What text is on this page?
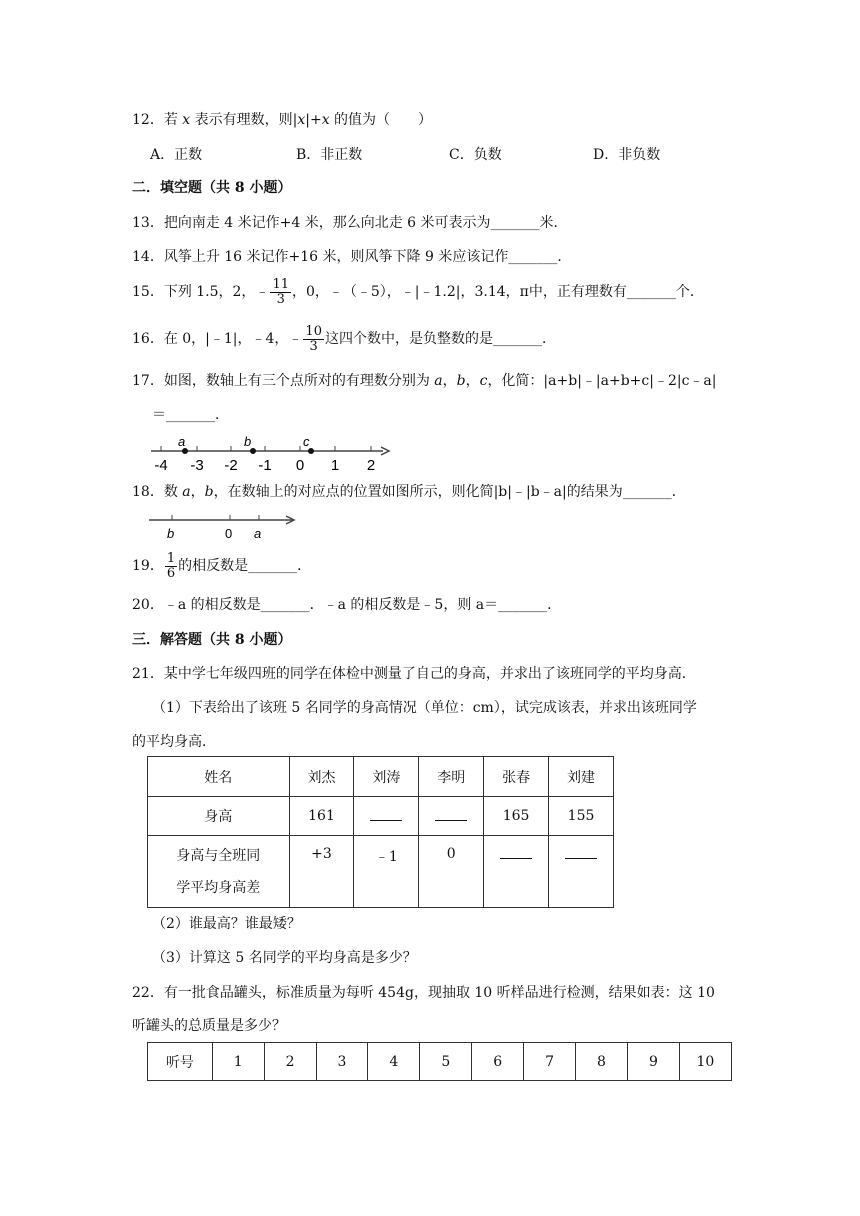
12．若 x 表示有理数，则|x|+x 的值为（　　）
A．正数	B．非正数	C．负数	D．非负数
二．填空题（共 8 小题）
13．把向南走 4 米记作+4 米，那么向北走 6 米可表示为_______米．
14．风筝上升 16 米记作+16 米，则风筝下降 9 米应该记作_______．
15．下列 1.5，2，﹣ $\frac{11}{3}$ ，0，﹣（﹣5），﹣|﹣1.2|，3.14，π中，正有理数有_______个．
16．在 0，|﹣1|，﹣4，﹣ $\frac{10}{3}$ 这四个数中，是负整数的是_______．
17．如图，数轴上有三个点所对的有理数分别为 a，b，c，化简：|a+b|﹣|a+b+c|﹣2|c﹣a|
＝_______．
-4 -3 -2 -1 0 1 2
a	b	c
18．数 a，b，在数轴上的对应点的位置如图所示，则化简|b|﹣|b﹣a|的结果为_______．
b	0 a
19． $\frac{1}{6}$ 的相反数是_______．
20．﹣a 的相反数是_______．﹣a 的相反数是﹣5，则 a＝_______．
三．解答题（共 8 小题）
21．某中学七年级四班的同学在体检中测量了自己的身高，并求出了该班同学的平均身高．
（1）下表给出了该班 5 名同学的身高情况（单位：cm），试完成该表，并求出该班同学
的平均身高．
姓名	刘杰	刘涛	李明	张春	刘建
身高	161			165	155

身高与全班同
学平均身高差	+3	﹣1	0		
（2）谁最高？谁最矮？
（3）计算这 5 名同学的平均身高是多少？
22．有一批食品罐头，标准质量为每听 454g，现抽取 10 听样品进行检测，结果如表：这 10
听罐头的总质量是多少？
听号	1	2	3	4	5	6	7	8	9	10
